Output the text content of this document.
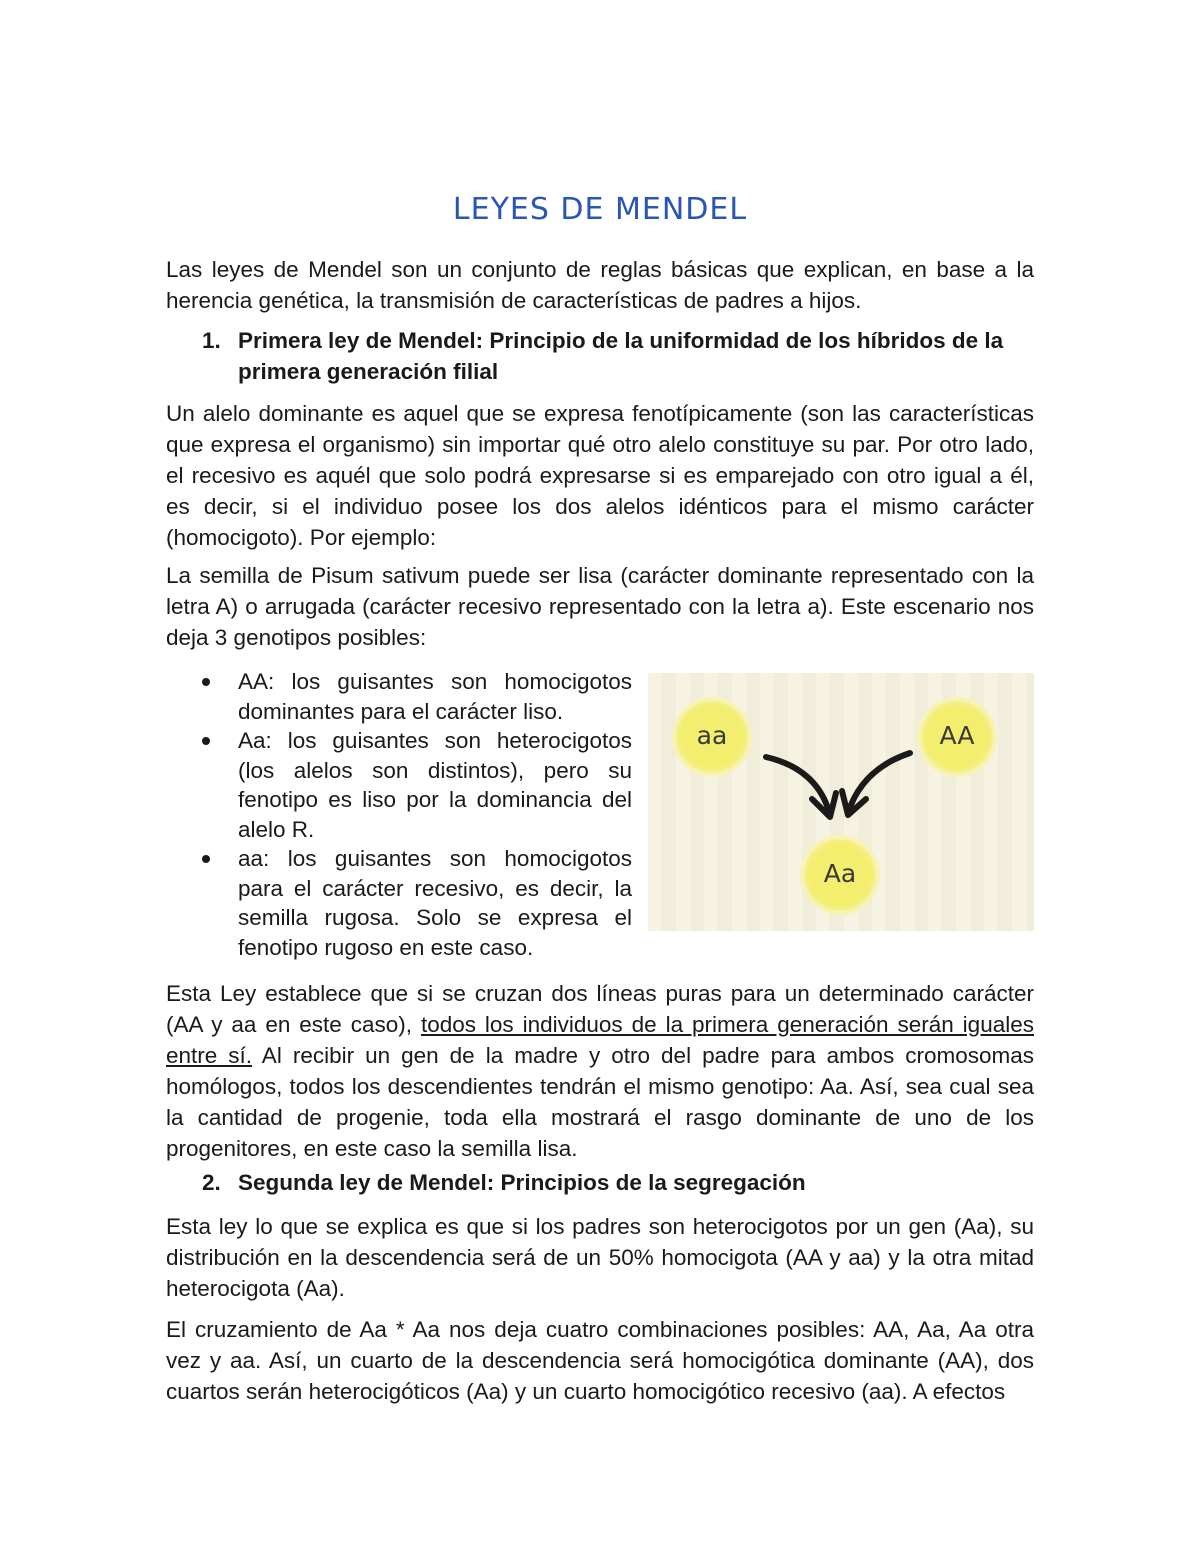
LEYES DE MENDEL

Las leyes de Mendel son un conjunto de reglas básicas que explican, en base a la herencia genética, la transmisión de características de padres a hijos.

1. Primera ley de Mendel: Principio de la uniformidad de los híbridos de la primera generación filial

Un alelo dominante es aquel que se expresa fenotípicamente (son las características que expresa el organismo) sin importar qué otro alelo constituye su par. Por otro lado, el recesivo es aquél que solo podrá expresarse si es emparejado con otro igual a él, es decir, si el individuo posee los dos alelos idénticos para el mismo carácter (homocigoto). Por ejemplo:

La semilla de Pisum sativum puede ser lisa (carácter dominante representado con la letra A) o arrugada (carácter recesivo representado con la letra a). Este escenario nos deja 3 genotipos posibles:

AA: los guisantes son homocigotos dominantes para el carácter liso.
Aa: los guisantes son heterocigotos (los alelos son distintos), pero su fenotipo es liso por la dominancia del alelo R.
aa: los guisantes son homocigotos para el carácter recesivo, es decir, la semilla rugosa. Solo se expresa el fenotipo rugoso en este caso.
aa	AA
Aa

Esta Ley establece que si se cruzan dos líneas puras para un determinado carácter (AA y aa en este caso), todos los individuos de la primera generación serán iguales entre sí. Al recibir un gen de la madre y otro del padre para ambos cromosomas homólogos, todos los descendientes tendrán el mismo genotipo: Aa. Así, sea cual sea la cantidad de progenie, toda ella mostrará el rasgo dominante de uno de los progenitores, en este caso la semilla lisa.

2. Segunda ley de Mendel: Principios de la segregación

Esta ley lo que se explica es que si los padres son heterocigotos por un gen (Aa), su distribución en la descendencia será de un 50% homocigota (AA y aa) y la otra mitad heterocigota (Aa).

El cruzamiento de Aa * Aa nos deja cuatro combinaciones posibles: AA, Aa, Aa otra vez y aa. Así, un cuarto de la descendencia será homocigótica dominante (AA), dos cuartos serán heterocigóticos (Aa) y un cuarto homocigótico recesivo (aa). A efectos
